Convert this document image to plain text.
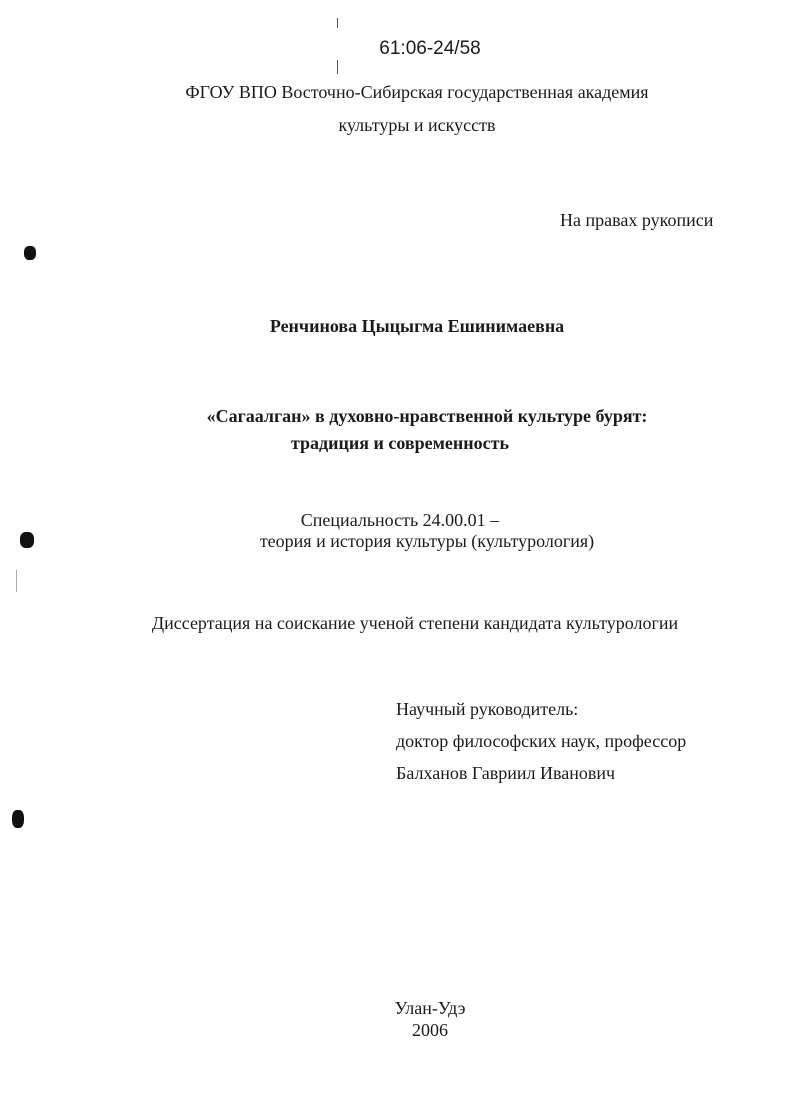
61:06-24/58
ФГОУ ВПО Восточно-Сибирская государственная академия
культуры и искусств
На правах рукописи
Ренчинова Цыцыгма Ешинимаевна
«Сагаалган» в духовно-нравственной культуре бурят:
традиция и современность
Специальность 24.00.01 –
теория и история культуры (культурология)
Диссертация на соискание ученой степени кандидата культурологии
Научный руководитель:
доктор философских наук, профессор
Балханов Гавриил Иванович
Улан-Удэ
2006
